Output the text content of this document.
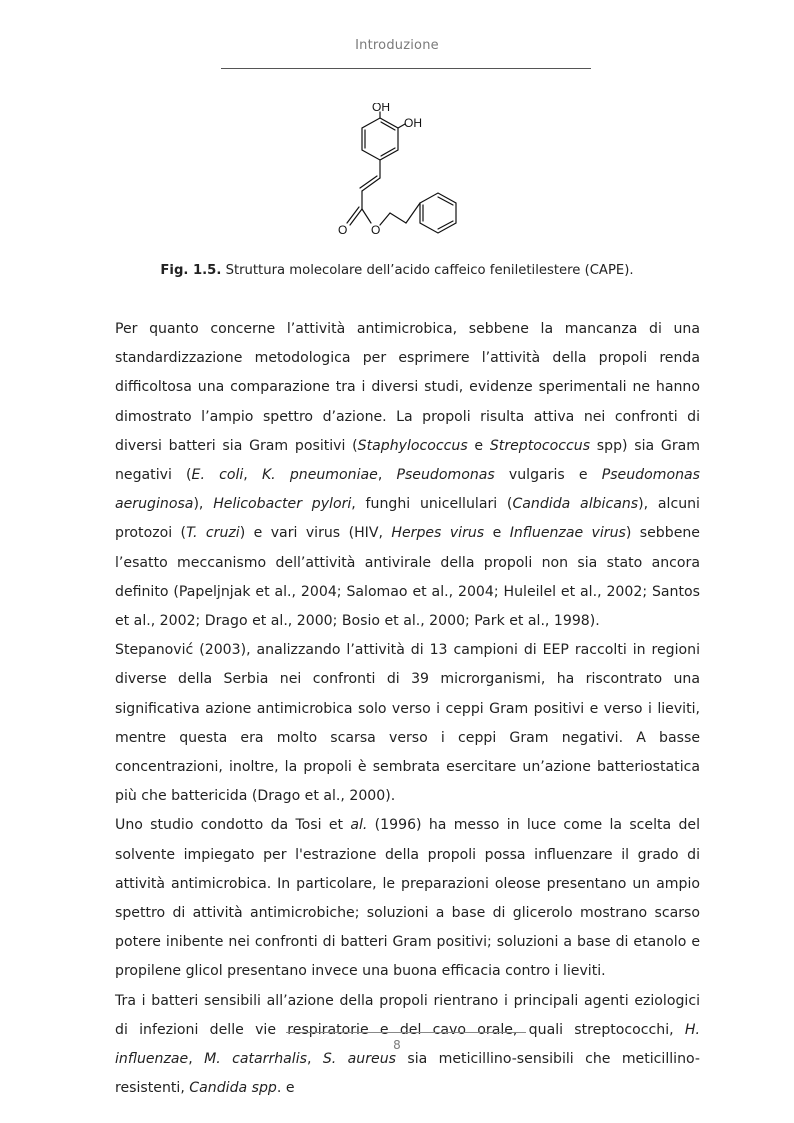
Introduzione
OH
OH
O O
Fig. 1.5. Struttura molecolare dell’acido caffeico feniletilestere (CAPE).

Per quanto concerne l’attività antimicrobica, sebbene la mancanza di una standardizzazione metodologica per esprimere l’attività della propoli renda difficoltosa una comparazione tra i diversi studi, evidenze sperimentali ne hanno dimostrato l’ampio spettro d’azione. La propoli risulta attiva nei confronti di diversi batteri sia Gram positivi (Staphylococcus e Streptococcus spp) sia Gram negativi (E. coli, K. pneumoniae, Pseudomonas vulgaris e Pseudomonas aeruginosa), Helicobacter pylori, funghi unicellulari (Candida albicans), alcuni protozoi (T. cruzi) e vari virus (HIV, Herpes virus e Influenzae virus) sebbene l’esatto meccanismo dell’attività antivirale della propoli non sia stato ancora definito (Papeljnjak et al., 2004; Salomao et al., 2004; Huleilel et al., 2002; Santos et al., 2002; Drago et al., 2000; Bosio et al., 2000; Park et al., 1998).

Stepanović (2003), analizzando l’attività di 13 campioni di EEP raccolti in regioni diverse della Serbia nei confronti di 39 microrganismi, ha riscontrato una significativa azione antimicrobica solo verso i ceppi Gram positivi e verso i lieviti, mentre questa era molto scarsa verso i ceppi Gram negativi. A basse concentrazioni, inoltre, la propoli è sembrata esercitare un’azione batteriostatica più che battericida (Drago et al., 2000).

Uno studio condotto da Tosi et al. (1996) ha messo in luce come la scelta del solvente impiegato per l'estrazione della propoli possa influenzare il grado di attività antimicrobica. In particolare, le preparazioni oleose presentano un ampio spettro di attività antimicrobiche; soluzioni a base di glicerolo mostrano scarso potere inibente nei confronti di batteri Gram positivi; soluzioni a base di etanolo e propilene glicol presentano invece una buona efficacia contro i lieviti.

Tra i batteri sensibili all’azione della propoli rientrano i principali agenti eziologici di infezioni delle vie respiratorie e del cavo orale, quali streptococchi, H. influenzae, M. catarrhalis, S. aureus sia meticillino-sensibili che meticillino-resistenti, Candida spp. e

8
